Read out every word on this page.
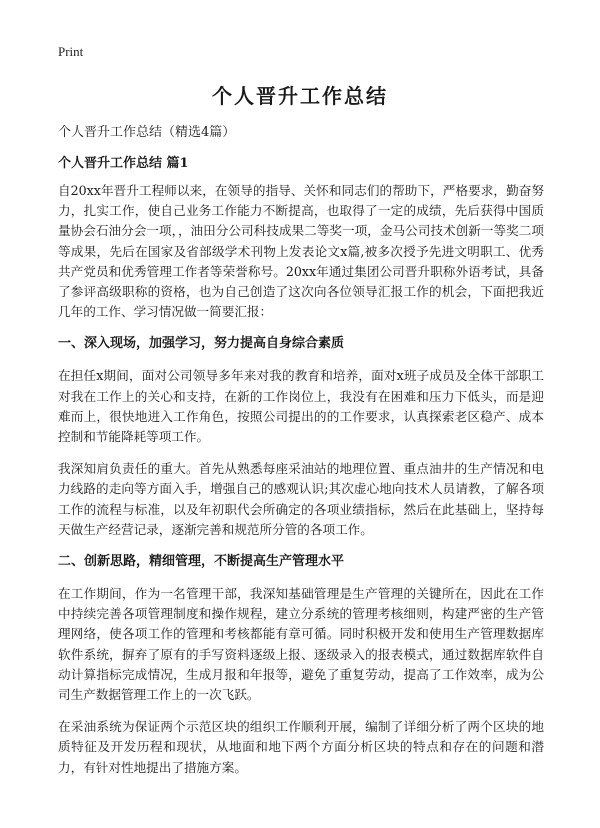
Print
个人晋升工作总结
个人晋升工作总结（精选4篇）
个人晋升工作总结 篇1

自20xx年晋升工程师以来，在领导的指导、关怀和同志们的帮助下，严格要求，勤奋努力，扎实工作，使自己业务工作能力不断提高，也取得了一定的成绩，先后获得中国质量协会石油分会一项，，油田分公司科技成果二等奖一项，金马公司技术创新一等奖二项等成果，先后在国家及省部级学术刊物上发表论文x篇,被多次授予先进文明职工、优秀共产党员和优秀管理工作者等荣誉称号。20xx年通过集团公司晋升职称外语考试，具备了参评高级职称的资格，也为自己创造了这次向各位领导汇报工作的机会，下面把我近几年的工作、学习情况做一简要汇报：

一、深入现场，加强学习，努力提高自身综合素质

在担任x期间，面对公司领导多年来对我的教育和培养，面对x班子成员及全体干部职工对我在工作上的关心和支持，在新的工作岗位上，我没有在困难和压力下低头，而是迎难而上，很快地进入工作角色，按照公司提出的的工作要求，认真探索老区稳产、成本控制和节能降耗等项工作。

我深知肩负责任的重大。首先从熟悉每座采油站的地理位置、重点油井的生产情况和电力线路的走向等方面入手，增强自己的感观认识;其次虚心地向技术人员请教，了解各项工作的流程与标准，以及年初职代会所确定的各项业绩指标，然后在此基础上，坚持每天做生产经营记录，逐渐完善和规范所分管的各项工作。

二、创新思路，精细管理，不断提高生产管理水平

在工作期间，作为一名管理干部，我深知基础管理是生产管理的关键所在，因此在工作中持续完善各项管理制度和操作规程，建立分系统的管理考核细则，构建严密的生产管理网络，使各项工作的管理和考核都能有章可循。同时积极开发和使用生产管理数据库软件系统，摒弃了原有的手写资料逐级上报、逐级录入的报表模式，通过数据库软件自动计算指标完成情况，生成月报和年报等，避免了重复劳动，提高了工作效率，成为公司生产数据管理工作上的一次飞跃。

在采油系统为保证两个示范区块的组织工作顺利开展，编制了详细分析了两个区块的地质特征及开发历程和现状，从地面和地下两个方面分析区块的特点和存在的问题和潜力，有针对性地提出了措施方案。
